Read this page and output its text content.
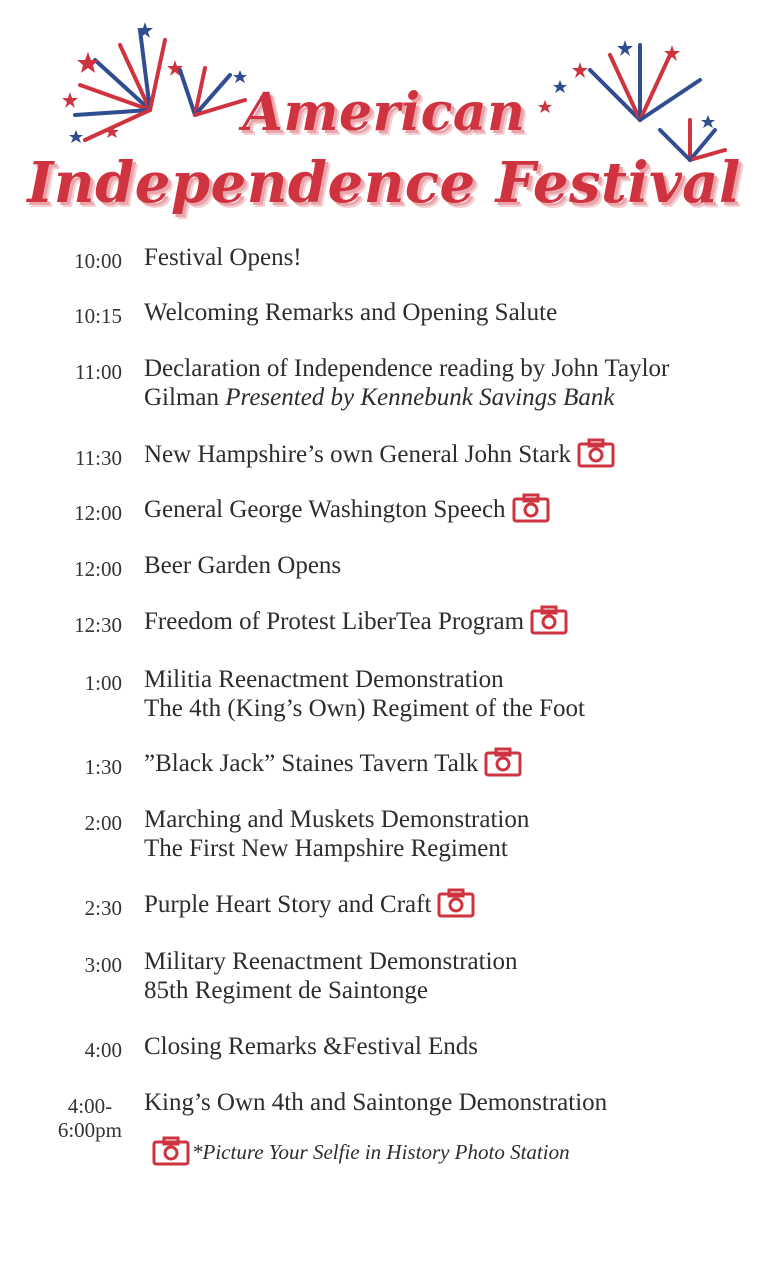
American
Independence Festival
10:00 Festival Opens!
10:15 Welcoming Remarks and Opening Salute
11:00 Declaration of Independence reading by John Taylor
Gilman Presented by Kennebunk Savings Bank
11:30 New Hampshire’s own General John Stark
12:00 General George Washington Speech
12:00 Beer Garden Opens
12:30 Freedom of Protest LiberTea Program
1:00 Militia Reenactment Demonstration
The 4th (King’s Own) Regiment of the Foot
1:30 ”Black Jack” Staines Tavern Talk
2:00 Marching and Muskets Demonstration
The First New Hampshire Regiment
2:30 Purple Heart Story and Craft
3:00 Military Reenactment Demonstration
85th Regiment de Saintonge
4:00 Closing Remarks &Festival Ends
4:00-
6:00pm
King’s Own 4th and Saintonge Demonstration
*Picture Your Selfie in History Photo Station
